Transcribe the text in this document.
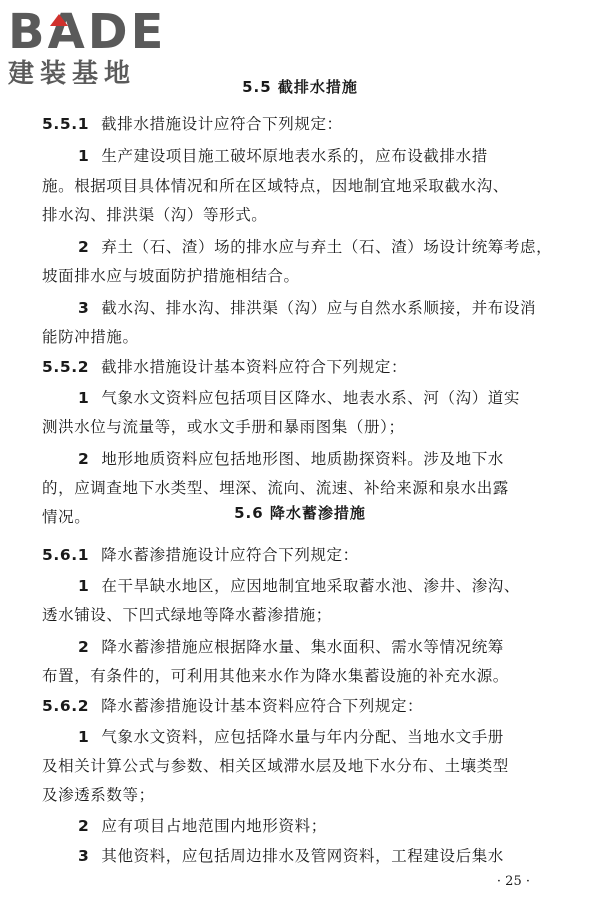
BADE
建装基地	5.5 截排水措施
5.5.1 截排水措施设计应符合下列规定：
1 生产建设项目施工破坏原地表水系的，应布设截排水措
施。根据项目具体情况和所在区域特点，因地制宜地采取截水沟、
排水沟、排洪渠（沟）等形式。
2 弃土（石、渣）场的排水应与弃土（石、渣）场设计统筹考虑，
坡面排水应与坡面防护措施相结合。
3 截水沟、排水沟、排洪渠（沟）应与自然水系顺接，并布设消
能防冲措施。
5.5.2 截排水措施设计基本资料应符合下列规定：
1 气象水文资料应包括项目区降水、地表水系、河（沟）道实
测洪水位与流量等，或水文手册和暴雨图集（册）；
2 地形地质资料应包括地形图、地质勘探资料。涉及地下水
的，应调查地下水类型、埋深、流向、流速、补给来源和泉水出露
情况。	5.6 降水蓄渗措施
5.6.1 降水蓄渗措施设计应符合下列规定：
1 在干旱缺水地区，应因地制宜地采取蓄水池、渗井、渗沟、
透水铺设、下凹式绿地等降水蓄渗措施；
2 降水蓄渗措施应根据降水量、集水面积、需水等情况统筹
布置，有条件的，可利用其他来水作为降水集蓄设施的补充水源。
5.6.2 降水蓄渗措施设计基本资料应符合下列规定：
1 气象水文资料，应包括降水量与年内分配、当地水文手册
及相关计算公式与参数、相关区域滞水层及地下水分布、土壤类型
及渗透系数等；
2 应有项目占地范围内地形资料；
3 其他资料，应包括周边排水及管网资料，工程建设后集水
· 25 ·
